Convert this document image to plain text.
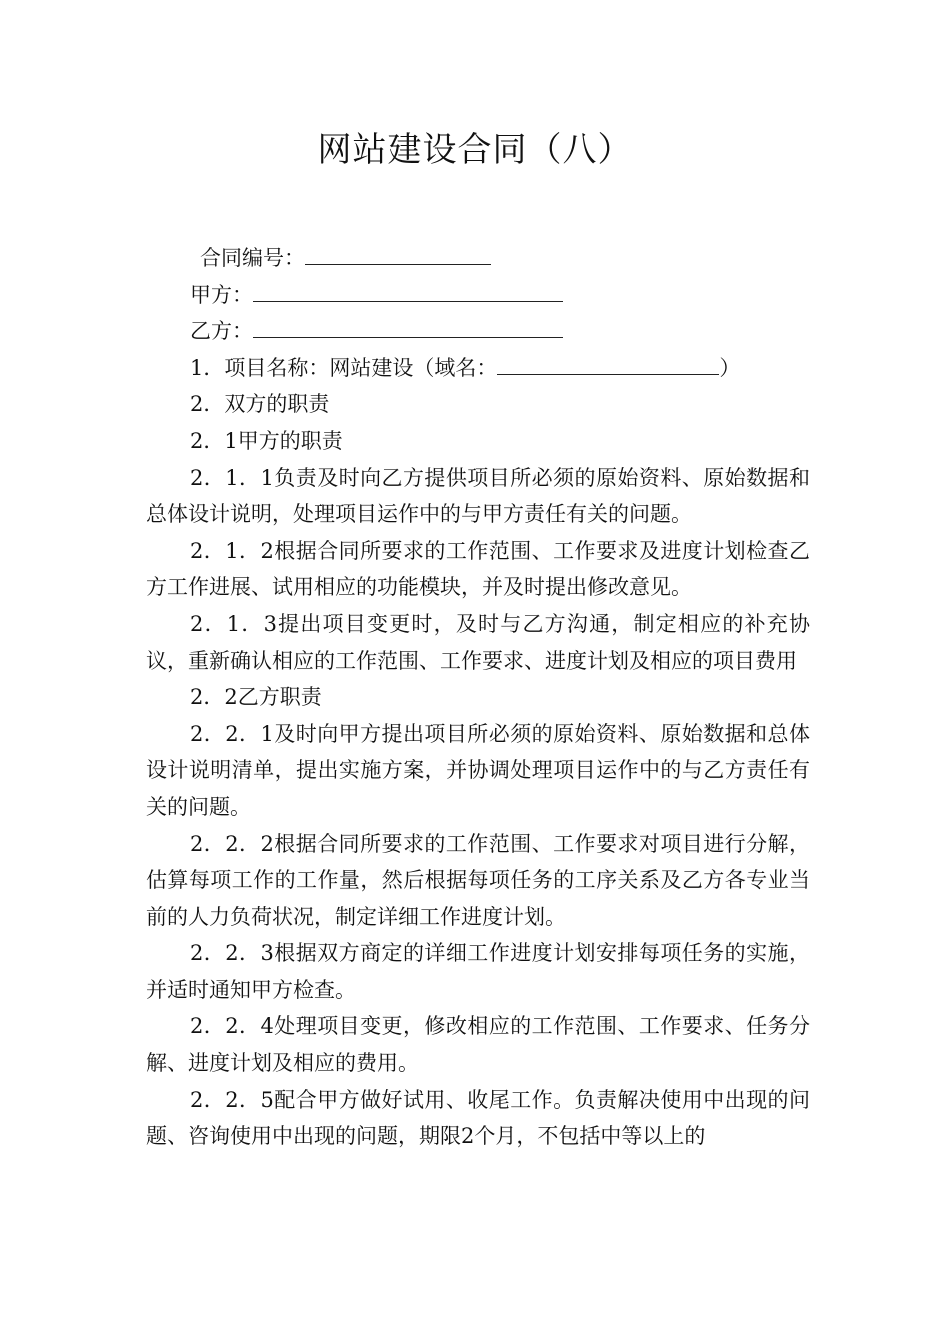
网站建设合同（八）

合同编号：

甲方：

乙方：

1．项目名称：网站建设（域名：	）

2．双方的职责

2．1甲方的职责

2．1．1负责及时向乙方提供项目所必须的原始资料、原始数据和总体设计说明，处理项目运作中的与甲方责任有关的问题。

2．1．2根据合同所要求的工作范围、工作要求及进度计划检查乙方工作进展、试用相应的功能模块，并及时提出修改意见。

2．1．3提出项目变更时，及时与乙方沟通，制定相应的补充协议，重新确认相应的工作范围、工作要求、进度计划及相应的项目费用

2．2乙方职责

2．2．1及时向甲方提出项目所必须的原始资料、原始数据和总体设计说明清单，提出实施方案，并协调处理项目运作中的与乙方责任有关的问题。

2．2．2根据合同所要求的工作范围、工作要求对项目进行分解，估算每项工作的工作量，然后根据每项任务的工序关系及乙方各专业当前的人力负荷状况，制定详细工作进度计划。

2．2．3根据双方商定的详细工作进度计划安排每项任务的实施，并适时通知甲方检查。

2．2．4处理项目变更，修改相应的工作范围、工作要求、任务分解、进度计划及相应的费用。

2．2．5配合甲方做好试用、收尾工作。负责解决使用中出现的问题、咨询使用中出现的问题，期限2个月，不包括中等以上的
